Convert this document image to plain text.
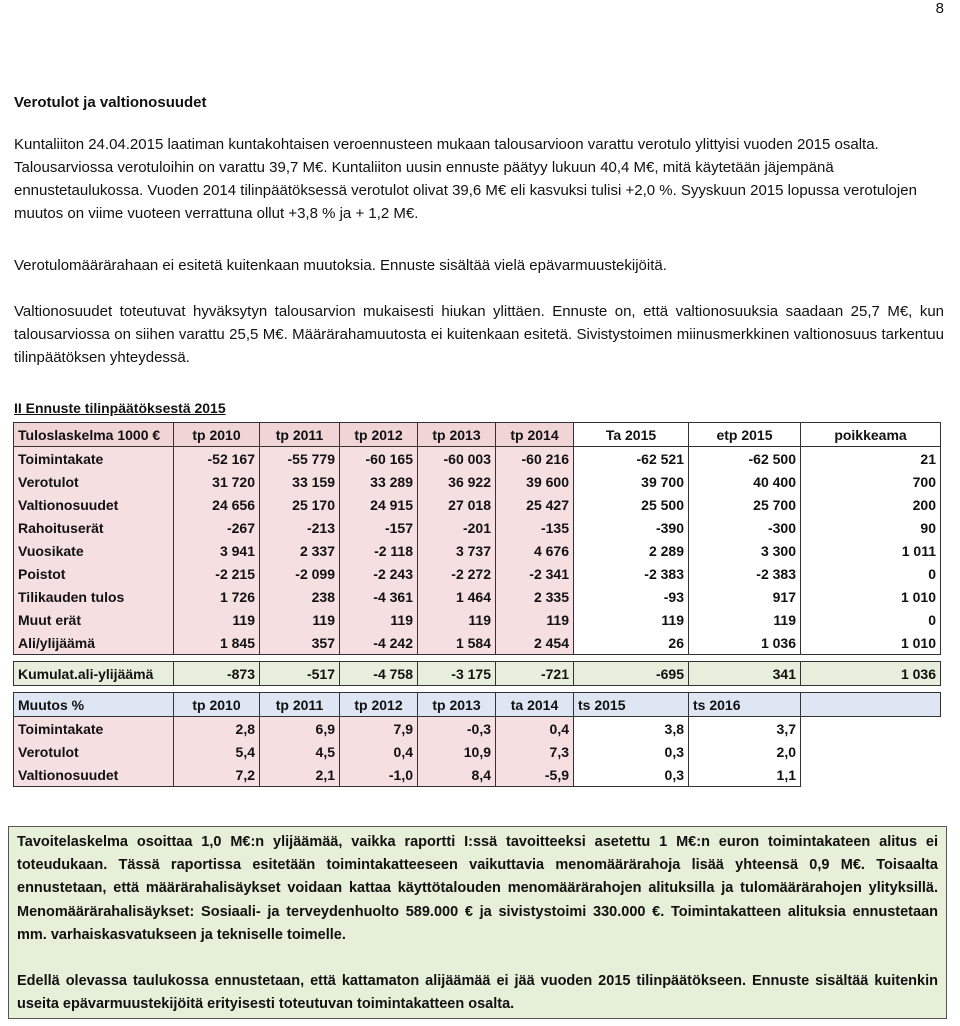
8
Verotulot ja valtionosuudet

Kuntaliiton 24.04.2015 laatiman kuntakohtaisen veroennusteen mukaan talousarvioon varattu verotulo ylittyisi vuoden 2015 osalta. Talousarviossa verotuloihin on varattu 39,7 M€. Kuntaliiton uusin ennuste päätyy lukuun 40,4 M€, mitä käytetään jäjempänä ennustetaulukossa. Vuoden 2014 tilinpäätöksessä verotulot olivat 39,6 M€ eli kasvuksi tulisi +2,0 %. Syyskuun 2015 lopussa verotulojen muutos on viime vuoteen verrattuna ollut +3,8 % ja + 1,2 M€.

Verotulomäärärahaan ei esitetä kuitenkaan muutoksia. Ennuste sisältää vielä epävarmuustekijöitä.

Valtionosuudet toteutuvat hyväksytyn talousarvion mukaisesti hiukan ylittäen. Ennuste on, että valtionosuuksia saadaan 25,7 M€, kun talousarviossa on siihen varattu 25,5 M€. Määrärahamuutosta ei kuitenkaan esitetä. Sivistystoimen miinusmerkkinen valtionosuus tarkentuu tilinpäätöksen yhteydessä.

II Ennuste tilinpäätöksestä 2015
Tuloslaskelma 1000 €	tp 2010	tp 2011	tp 2012	tp 2013	tp 2014	Ta 2015	etp 2015	poikkeama
Toimintakate	-52 167	-55 779	-60 165	-60 003	-60 216	-62 521	-62 500	21
Verotulot	31 720	33 159	33 289	36 922	39 600	39 700	40 400	700
Valtionosuudet	24 656	25 170	24 915	27 018	25 427	25 500	25 700	200
Rahoituserät	-267	-213	-157	-201	-135	-390	-300	90
Vuosikate	3 941	2 337	-2 118	3 737	4 676	2 289	3 300	1 011
Poistot	-2 215	-2 099	-2 243	-2 272	-2 341	-2 383	-2 383	0
Tilikauden tulos	1 726	238	-4 361	1 464	2 335	-93	917	1 010
Muut erät	119	119	119	119	119	119	119	0
Ali/ylijäämä	1 845	357	-4 242	1 584	2 454	26	1 036	1 010

Kumulat.ali-ylijäämä	-873	-517	-4 758	-3 175	-721	-695	341	1 036

Muutos %	tp 2010	tp 2011	tp 2012	tp 2013	ta 2014	ts 2015	ts 2016	
Toimintakate	2,8	6,9	7,9	-0,3	0,4	3,8	3,7	
Verotulot	5,4	4,5	0,4	10,9	7,3	0,3	2,0	
Valtionosuudet	7,2	2,1	-1,0	8,4	-5,9	0,3	1,1	

Tavoitelaskelma osoittaa 1,0 M€:n ylijäämää, vaikka raportti I:ssä tavoitteeksi asetettu 1 M€:n euron toimintakateen alitus ei toteudukaan. Tässä raportissa esitetään toimintakatteeseen vaikuttavia menomäärärahoja lisää yhteensä 0,9 M€. Toisaalta ennustetaan, että määrärahalisäykset voidaan kattaa käyttötalouden menomäärärahojen alituksilla ja tulomäärärahojen ylityksillä. Menomäärärahalisäykset: Sosiaali- ja terveydenhuolto 589.000 € ja sivistystoimi 330.000 €. Toimintakatteen alituksia ennustetaan mm. varhaiskasvatukseen ja tekniselle toimelle.

Edellä olevassa taulukossa ennustetaan, että kattamaton alijäämää ei jää vuoden 2015 tilinpäätökseen. Ennuste sisältää kuitenkin useita epävarmuustekijöitä erityisesti toteutuvan toimintakatteen osalta.
